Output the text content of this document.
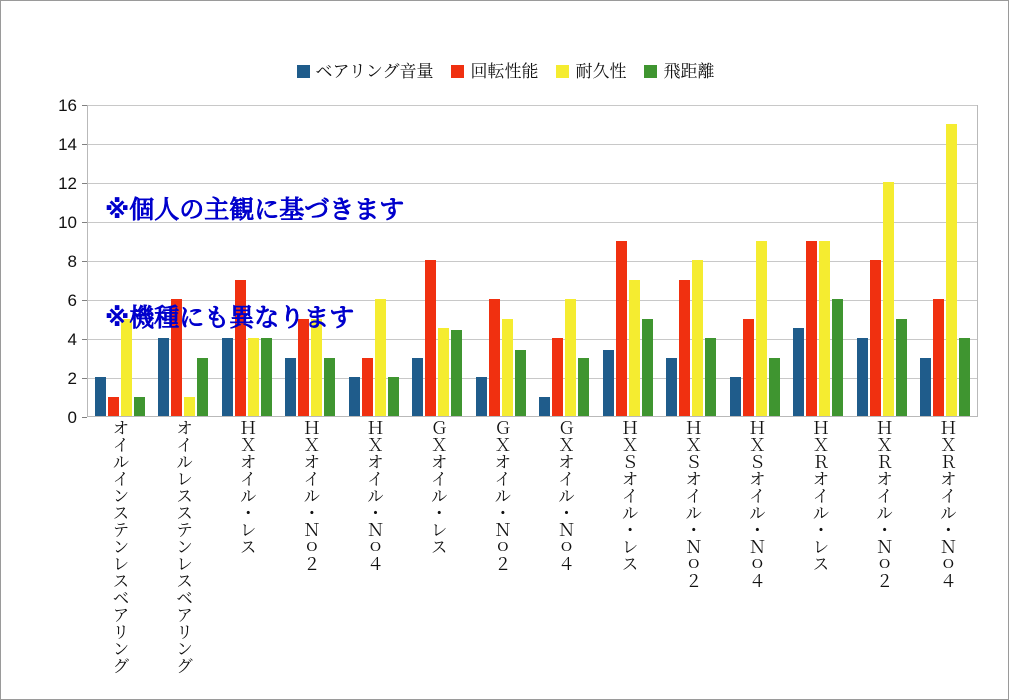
ベアリング音量 回転性能 耐久性 飛距離
0
2
4
6
8
10
12
14
16
オイルインステンレスベアリング	オイルレスステンレスベアリング	ＨＸオイル・レス	ＨＸオイル・Ｎｏ２	ＨＸオイル・Ｎｏ４	ＧＸオイル・レス	ＧＸオイル・Ｎｏ２	ＧＸオイル・Ｎｏ４	ＨＸＳオイル・レス	ＨＸＳオイル・Ｎｏ２	ＨＸＳオイル・Ｎｏ４	ＨＸＲオイル・レス	ＨＸＲオイル・Ｎｏ２	ＨＸＲオイル・Ｎｏ４

※個人の主観に基づきます

※機種にも異なります
